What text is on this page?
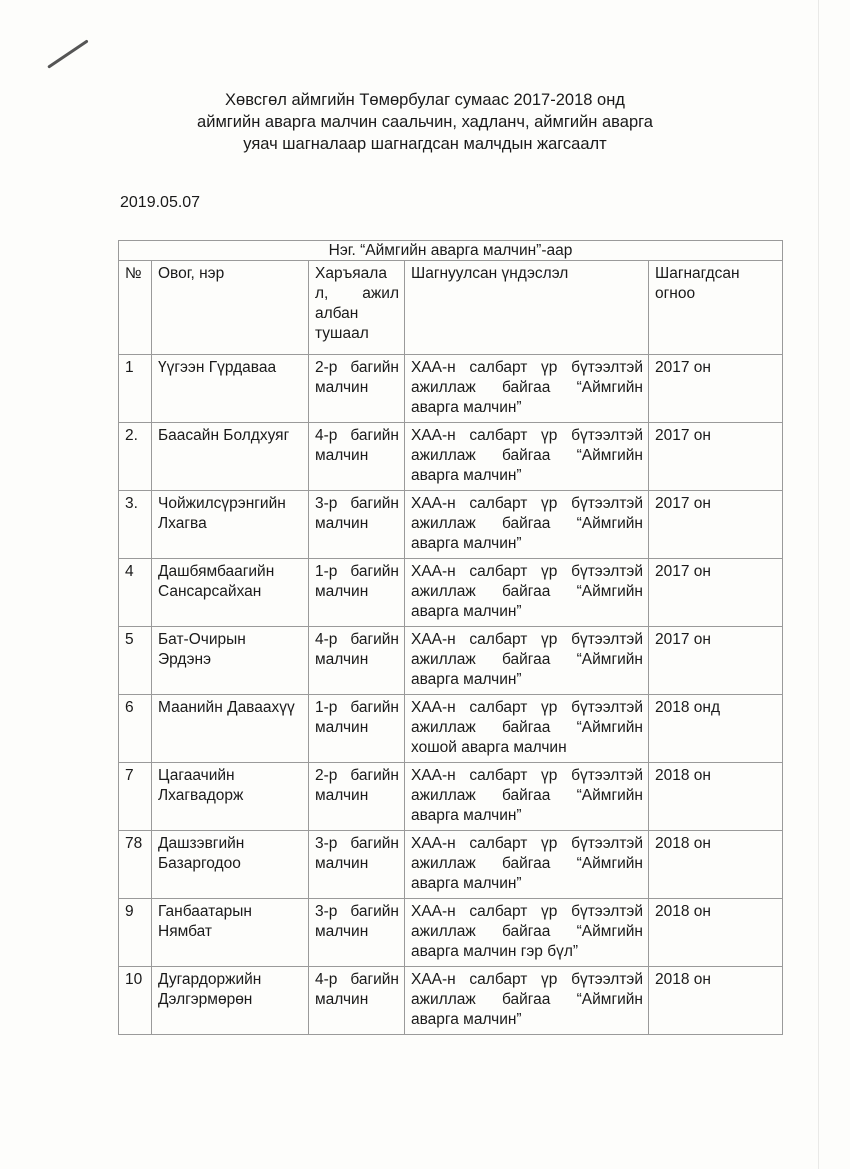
Хөвсгөл аймгийн Төмөрбулаг сумаас 2017-2018 онд
аймгийн аварга малчин саальчин, хадланч, аймгийн аварга
уяач шагналаар шагнагдсан малчдын жагсаалт
2019.05.07
Нэг. “Аймгийн аварга малчин”-аар				
№	Овог, нэр	Харъяала л, ажил албан тушаал	Шагнуулсан үндэслэл	Шагнагдсан огноо
1	Үүгээн Гүрдаваа	2-р багийн малчин	ХАА-н салбарт үр бүтээлтэй ажиллаж байгаа “Аймгийн аварга малчин”	2017 он
2.	Баасайн Болдхуяг	4-р багийн малчин	ХАА-н салбарт үр бүтээлтэй ажиллаж байгаа “Аймгийн аварга малчин”	2017 он
3.	Чойжилсүрэнгийн Лхагва	3-р багийн малчин	ХАА-н салбарт үр бүтээлтэй ажиллаж байгаа “Аймгийн аварга малчин”	2017 он
4	Дашбямбаагийн Сансарсайхан	1-р багийн малчин	ХАА-н салбарт үр бүтээлтэй ажиллаж байгаа “Аймгийн аварга малчин”	2017 он
5	Бат-Очирын Эрдэнэ	4-р багийн малчин	ХАА-н салбарт үр бүтээлтэй ажиллаж байгаа “Аймгийн аварга малчин”	2017 он
6	Маанийн Даваахүү	1-р багийн малчин	ХАА-н салбарт үр бүтээлтэй ажиллаж байгаа “Аймгийн хошой аварга малчин	2018 онд
7	Цагаачийн Лхагвадорж	2-р багийн малчин	ХАА-н салбарт үр бүтээлтэй ажиллаж байгаа “Аймгийн аварга малчин”	2018 он
78	Дашзэвгийн Базаргодоо	3-р багийн малчин	ХАА-н салбарт үр бүтээлтэй ажиллаж байгаа “Аймгийн аварга малчин”	2018 он
9	Ганбаатарын Нямбат	3-р багийн малчин	ХАА-н салбарт үр бүтээлтэй ажиллаж байгаа “Аймгийн аварга малчин гэр бүл”	2018 он
10	Дугардоржийн Дэлгэрмөрөн	4-р багийн малчин	ХАА-н салбарт үр бүтээлтэй ажиллаж байгаа “Аймгийн аварга малчин”	2018 он
